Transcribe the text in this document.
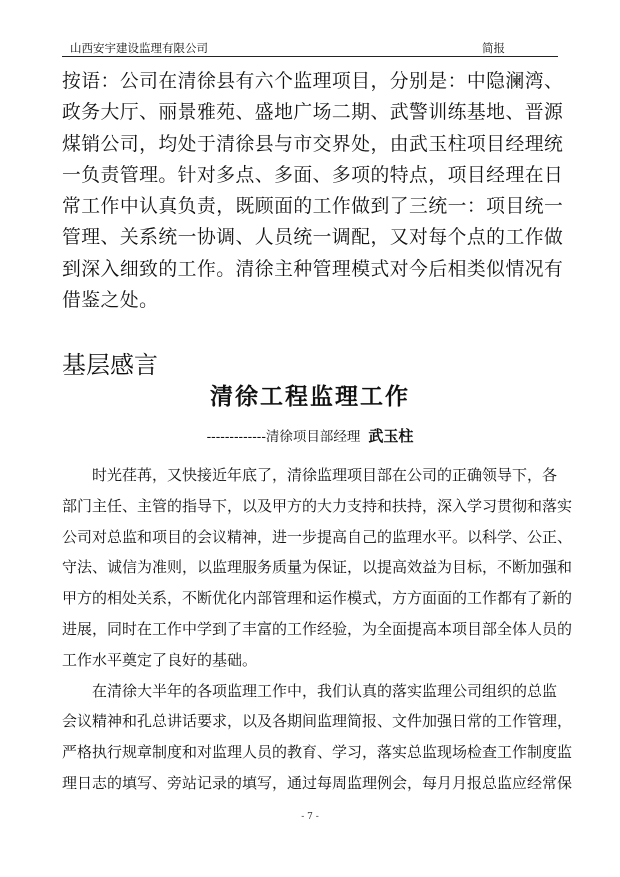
山西安宇建设监理有限公司	简报
按语：公司在清徐县有六个监理项目，分别是：中隐澜湾、
政务大厅、丽景雅苑、盛地广场二期、武警训练基地、晋源
煤销公司，均处于清徐县与市交界处，由武玉柱项目经理统
一负责管理。针对多点、多面、多项的特点，项目经理在日
常工作中认真负责，既顾面的工作做到了三统一：项目统一
管理、关系统一协调、人员统一调配，又对每个点的工作做
到深入细致的工作。清徐主种管理模式对今后相类似情况有
借鉴之处。
基层感言
清徐工程监理工作
-------------清徐项目部经理 武玉柱
时光荏苒，又快接近年底了，清徐监理项目部在公司的正确领导下，各
部门主任、主管的指导下，以及甲方的大力支持和扶持，深入学习贯彻和落实
公司对总监和项目的会议精神，进一步提高自己的监理水平。以科学、公正、
守法、诚信为准则，以监理服务质量为保证，以提高效益为目标，不断加强和
甲方的相处关系，不断优化内部管理和运作模式，方方面面的工作都有了新的
进展，同时在工作中学到了丰富的工作经验，为全面提高本项目部全体人员的
工作水平奠定了良好的基础。
在清徐大半年的各项监理工作中，我们认真的落实监理公司组织的总监
会议精神和孔总讲话要求，以及各期间监理简报、文件加强日常的工作管理，
严格执行规章制度和对监理人员的教育、学习，落实总监现场检查工作制度监
理日志的填写、旁站记录的填写，通过每周监理例会，每月月报总监应经常保
- 7 -
